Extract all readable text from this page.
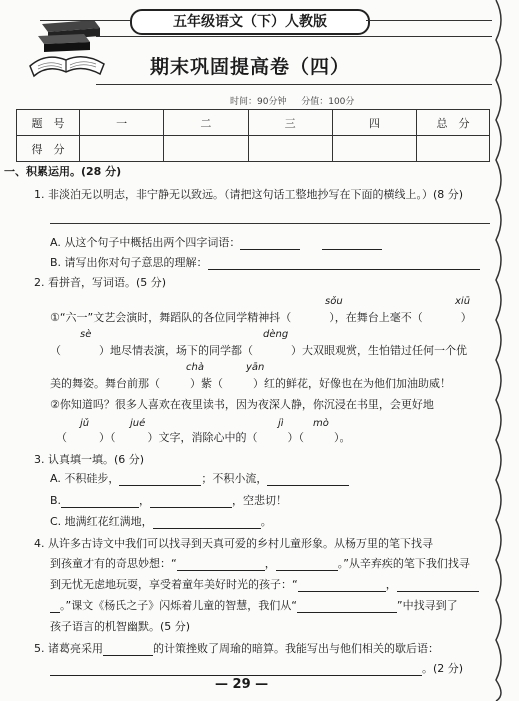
五年级语文（下）人教版
期末巩固提高卷（四）
时间：90分钟 　 分值：100分
题　号	一	二	三	四	总　分
得　分					
一、积累运用。(28 分)
1. 非淡泊无以明志，非宁静无以致远。（请把这句话工整地抄写在下面的横线上。）(8 分)
A. 从这个句子中概括出两个四字词语：　　
B. 请写出你对句子意思的理解：
2. 看拼音，写词语。(5 分)
sǒu	xiū
①“六一”文艺会演时，舞蹈队的各位同学精神抖（	），在舞台上毫不（	）
sè	dèng
（	）地尽情表演，场下的同学都（	）大双眼观赏，生怕错过任何一个优
chà	yān
美的舞姿。舞台前那（	）紫（	）红的鲜花，好像也在为他们加油助威！
②你知道吗？很多人喜欢在夜里读书，因为夜深人静，你沉浸在书里，会更好地
jǔ	jué	jì	mò
（	）（	）文字，消除心中的（	）（	）。
3. 认真填一填。(6 分)
A. 不积硅步，	；不积小流，
B.	，	，空悲切！
C. 地满红花红满地，	。
4. 从许多古诗文中我们可以找寻到天真可爱的乡村儿童形象。从杨万里的笔下找寻
到孩童才有的奇思妙想：“	，	。”从辛弃疾的笔下我们找寻
到无忧无虑地玩耍，享受着童年美好时光的孩子：“	，
。”课文《杨氏之子》闪烁着儿童的智慧，我们从“	”中找寻到了
孩子语言的机智幽默。(5 分)
5. 诸葛亮采用	的计策挫败了周瑜的暗算。我能写出与他们相关的歇后语：
。(2 分)
— 29 —
